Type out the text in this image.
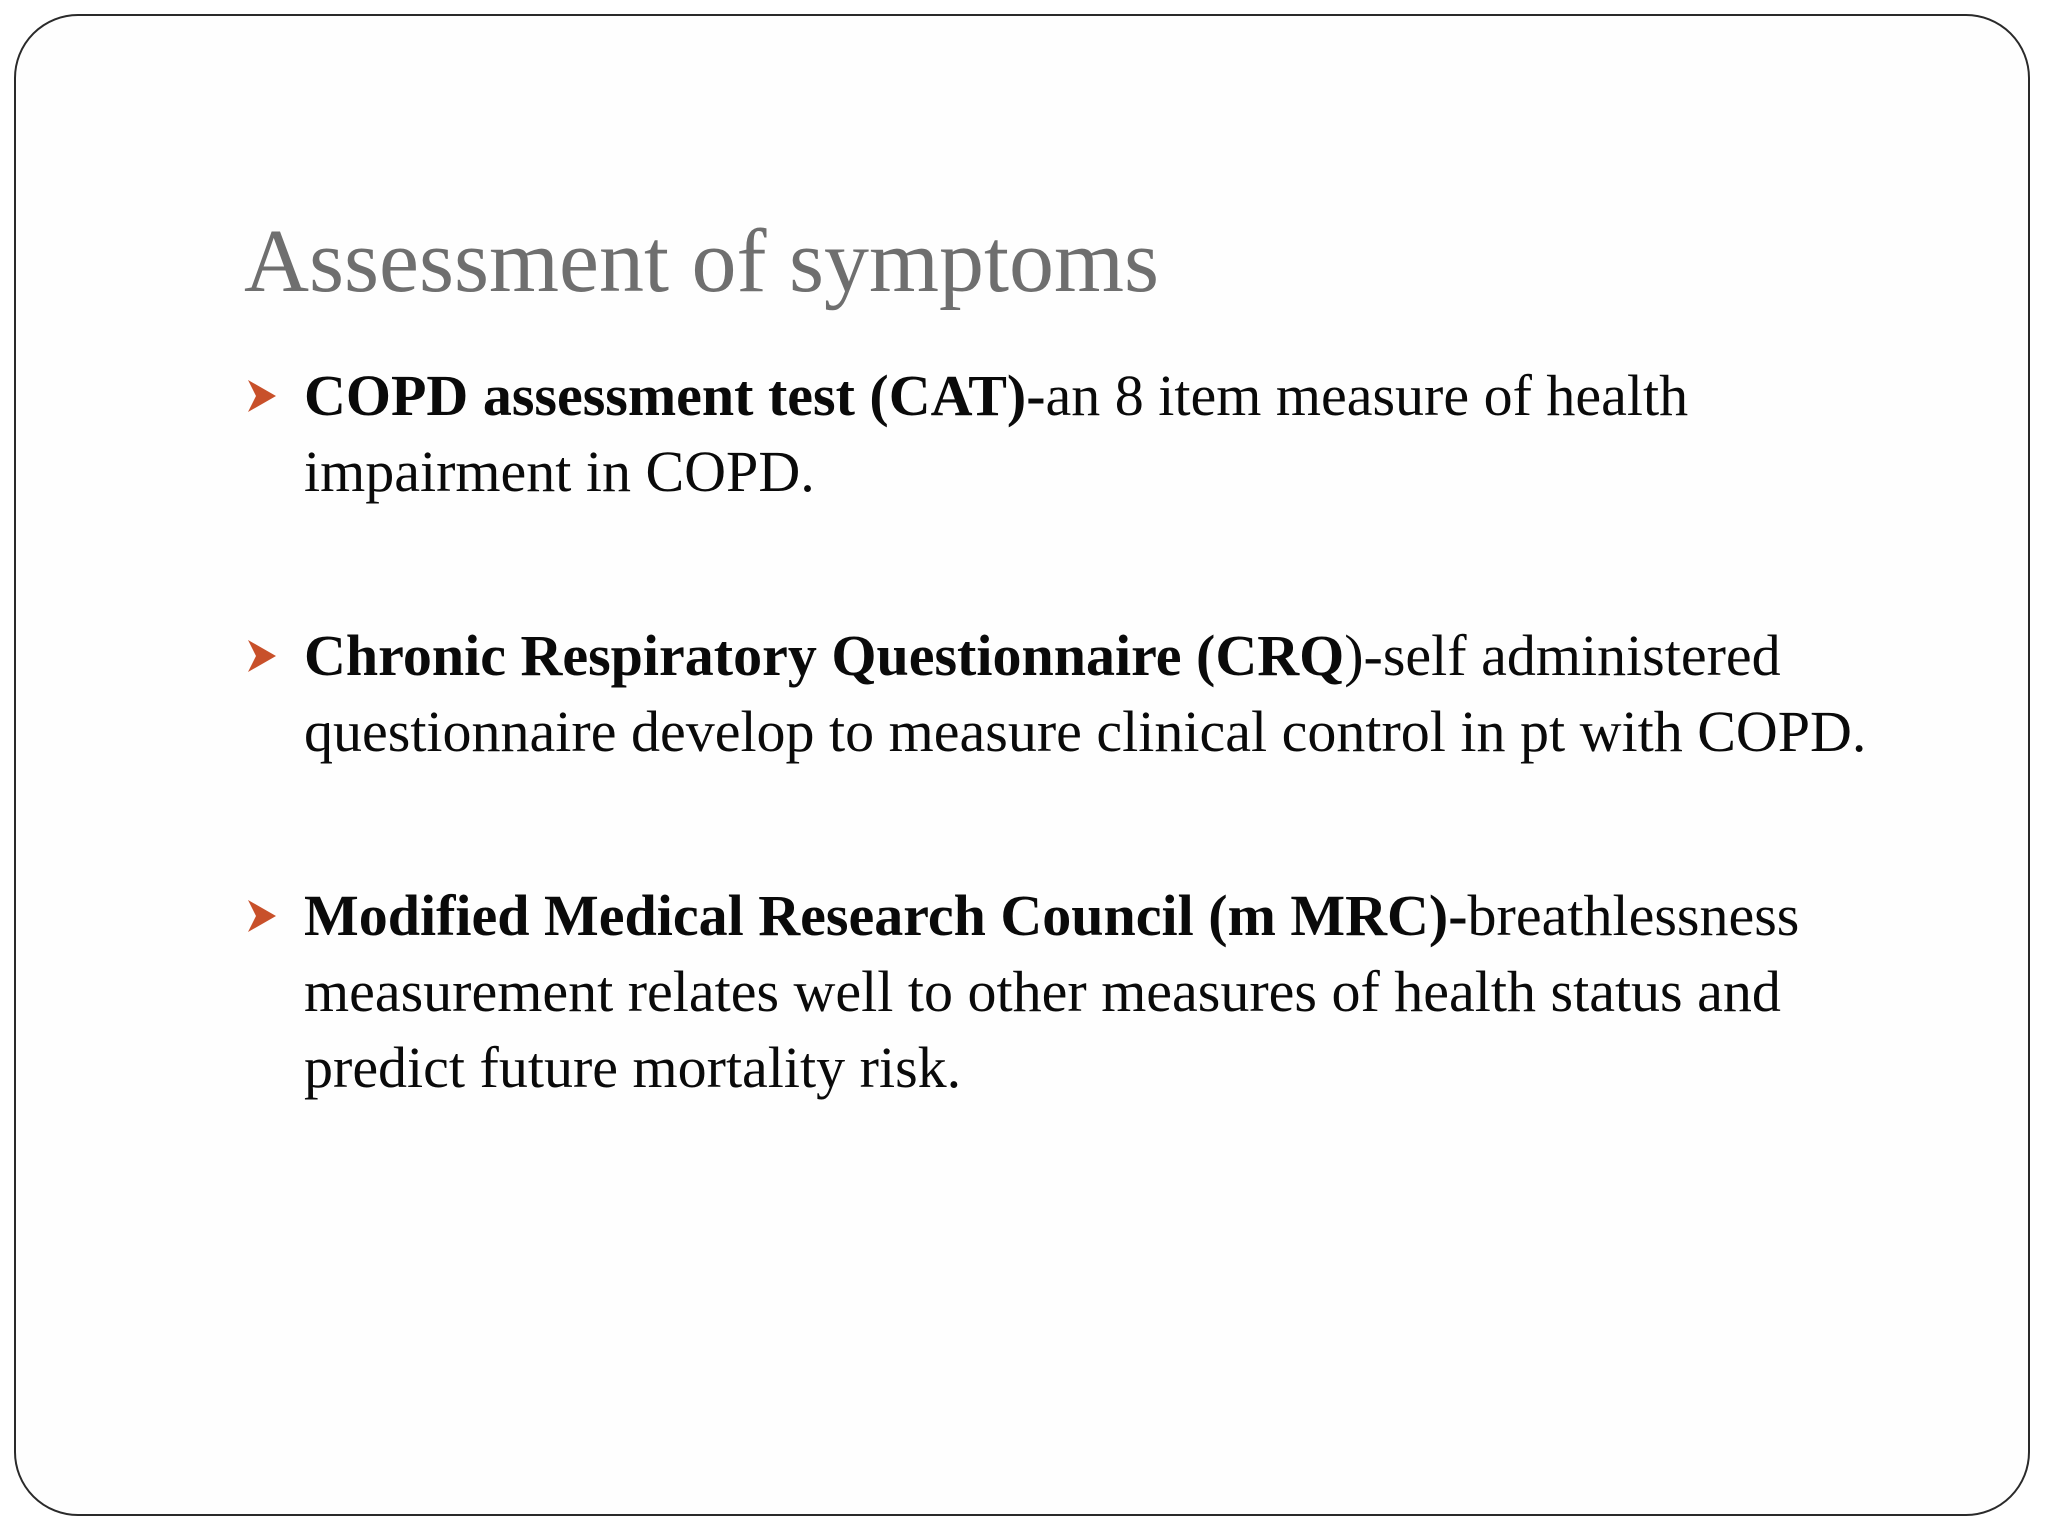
Assessment of symptoms
COPD assessment test (CAT)-an 8 item measure of health impairment in COPD.
Chronic Respiratory Questionnaire (CRQ)-self administered questionnaire develop to measure clinical control in pt with COPD.
Modified Medical Research Council (m MRC)-breathlessness measurement relates well to other measures of health status and predict future mortality risk.
